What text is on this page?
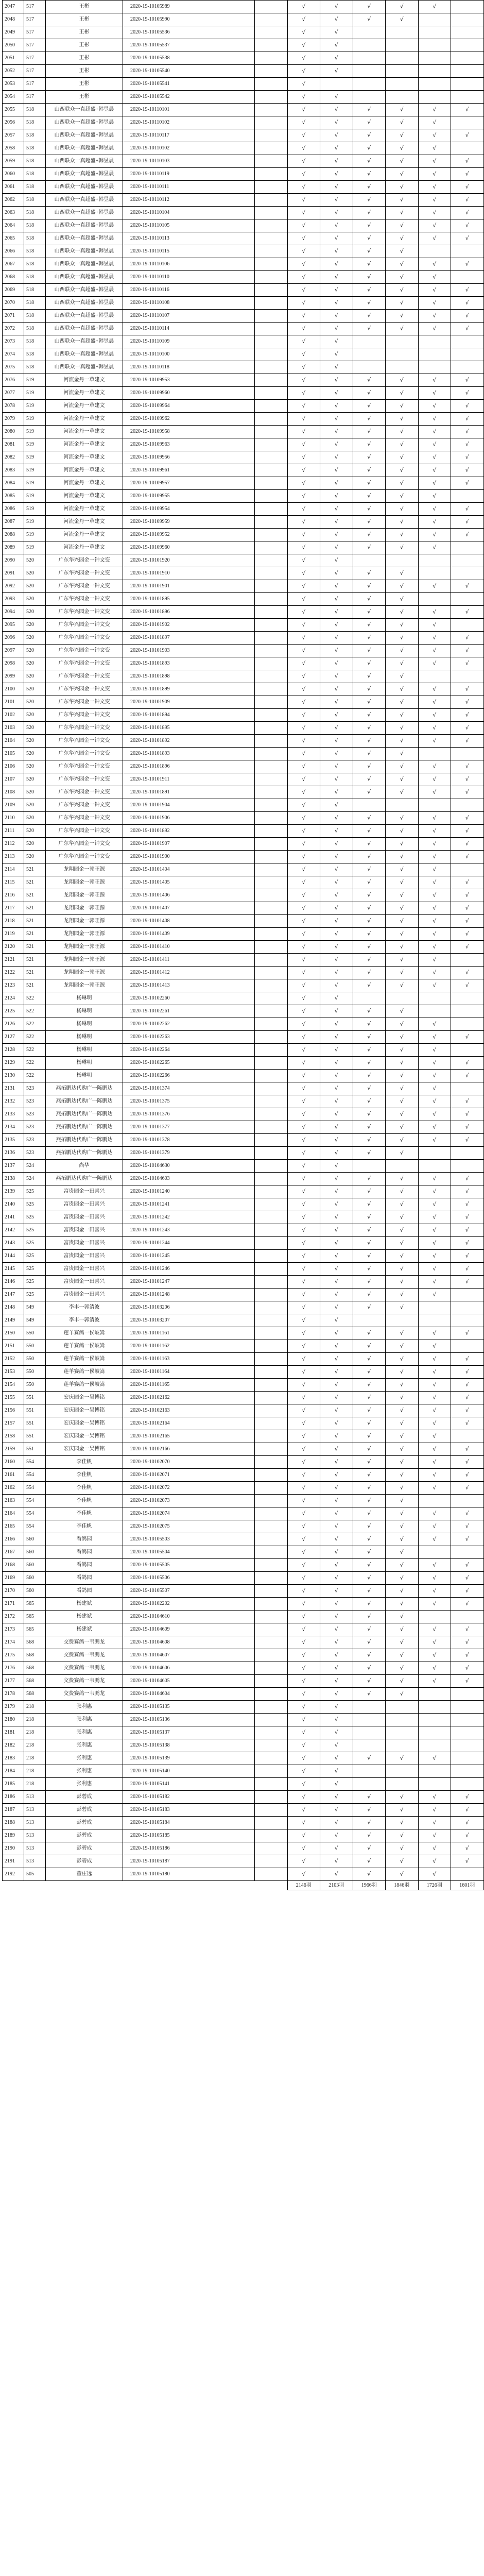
2047	517	王彬	2020-19-10105989		√	√	√	√	√	
2048	517	王彬	2020-19-10105990		√	√	√	√		
2049	517	王彬	2020-19-10105536		√	√				
2050	517	王彬	2020-19-10105537		√	√				
2051	517	王彬	2020-19-10105538		√	√				
2052	517	王彬	2020-19-10105540		√	√				
2053	517	王彬	2020-19-10105541		√					
2054	517	王彬	2020-19-10105542		√	√				
2055	518	山西联众一真超盛+韩昱晨	2020-19-10110101		√	√	√	√	√	√
2056	518	山西联众一真超盛+韩昱晨	2020-19-10110102		√	√	√	√	√	
2057	518	山西联众一真超盛+韩昱晨	2020-19-10110117		√	√	√	√	√	√
2058	518	山西联众一真超盛+韩昱晨	2020-19-10110102		√	√	√	√	√	
2059	518	山西联众一真超盛+韩昱晨	2020-19-10110103		√	√	√	√	√	√
2060	518	山西联众一真超盛+韩昱晨	2020-19-10110119		√	√	√	√	√	√
2061	518	山西联众一真超盛+韩昱晨	2020-19-10110111		√	√	√	√	√	√
2062	518	山西联众一真超盛+韩昱晨	2020-19-10110112		√	√	√	√	√	√
2063	518	山西联众一真超盛+韩昱晨	2020-19-10110104		√	√	√	√	√	√
2064	518	山西联众一真超盛+韩昱晨	2020-19-10110105		√	√	√	√	√	√
2065	518	山西联众一真超盛+韩昱晨	2020-19-10110113		√	√	√	√	√	√
2066	518	山西联众一真超盛+韩昱晨	2020-19-10110115		√	√	√	√		
2067	518	山西联众一真超盛+韩昱晨	2020-19-10110106		√	√	√	√	√	√
2068	518	山西联众一真超盛+韩昱晨	2020-19-10110110		√	√	√	√	√	
2069	518	山西联众一真超盛+韩昱晨	2020-19-10110116		√	√	√	√	√	√
2070	518	山西联众一真超盛+韩昱晨	2020-19-10110108		√	√	√	√	√	√
2071	518	山西联众一真超盛+韩昱晨	2020-19-10110107		√	√	√	√	√	√
2072	518	山西联众一真超盛+韩昱晨	2020-19-10110114		√	√	√	√	√	√
2073	518	山西联众一真超盛+韩昱晨	2020-19-10110109		√	√				
2074	518	山西联众一真超盛+韩昱晨	2020-19-10110100		√	√				
2075	518	山西联众一真超盛+韩昱晨	2020-19-10110118		√	√				
2076	519	河流金丹一草建文	2020-19-10109953		√	√	√	√	√	√
2077	519	河流金丹一草建文	2020-19-10109960		√	√	√	√	√	√
2078	519	河流金丹一草建文	2020-19-10109964		√	√	√	√	√	√
2079	519	河流金丹一草建文	2020-19-10109962		√	√	√	√	√	√
2080	519	河流金丹一草建文	2020-19-10109958		√	√	√	√	√	√
2081	519	河流金丹一草建文	2020-19-10109963		√	√	√	√	√	√
2082	519	河流金丹一草建文	2020-19-10109956		√	√	√	√	√	√
2083	519	河流金丹一草建文	2020-19-10109961		√	√	√	√	√	√
2084	519	河流金丹一草建文	2020-19-10109957		√	√	√	√	√	√
2085	519	河流金丹一草建文	2020-19-10109955		√	√	√	√	√	
2086	519	河流金丹一草建文	2020-19-10109954		√	√	√	√	√	√
2087	519	河流金丹一草建文	2020-19-10109959		√	√	√	√	√	√
2088	519	河流金丹一草建文	2020-19-10109952		√	√	√	√	√	√
2089	519	河流金丹一草建文	2020-19-10109960		√	√	√	√	√	
2090	520	广东华兴园金一钟文变	2020-19-10101920		√	√				
2091	520	广东华兴园金一钟文变	2020-19-10101910		√	√	√	√		
2092	520	广东华兴园金一钟文变	2020-19-10101901		√	√	√	√	√	√
2093	520	广东华兴园金一钟文变	2020-19-10101895		√	√	√	√		
2094	520	广东华兴园金一钟文变	2020-19-10101896		√	√	√	√	√	√
2095	520	广东华兴园金一钟文变	2020-19-10101902		√	√	√	√	√	
2096	520	广东华兴园金一钟文变	2020-19-10101897		√	√	√	√	√	√
2097	520	广东华兴园金一钟文变	2020-19-10101903		√	√	√	√	√	√
2098	520	广东华兴园金一钟文变	2020-19-10101893		√	√	√	√	√	√
2099	520	广东华兴园金一钟文变	2020-19-10101898		√	√	√	√		
2100	520	广东华兴园金一钟文变	2020-19-10101899		√	√	√	√	√	√
2101	520	广东华兴园金一钟文变	2020-19-10101909		√	√	√	√	√	√
2102	520	广东华兴园金一钟文变	2020-19-10101894		√	√	√	√	√	√
2103	520	广东华兴园金一钟文变	2020-19-10101895		√	√	√	√	√	√
2104	520	广东华兴园金一钟文变	2020-19-10101892		√	√	√	√	√	√
2105	520	广东华兴园金一钟文变	2020-19-10101893		√	√	√	√		
2106	520	广东华兴园金一钟文变	2020-19-10101896		√	√	√	√	√	√
2107	520	广东华兴园金一钟文变	2020-19-10101911		√	√	√	√	√	√
2108	520	广东华兴园金一钟文变	2020-19-10101891		√	√	√	√	√	√
2109	520	广东华兴园金一钟文变	2020-19-10101904		√	√				
2110	520	广东华兴园金一钟文变	2020-19-10101906		√	√	√	√	√	√
2111	520	广东华兴园金一钟文变	2020-19-10101892		√	√	√	√	√	√
2112	520	广东华兴园金一钟文变	2020-19-10101907		√	√	√	√	√	√
2113	520	广东华兴园金一钟文变	2020-19-10101900		√	√	√	√	√	√
2114	521	龙翔园金一郭旺源	2020-19-10101404		√	√	√	√	√	
2115	521	龙翔园金一郭旺源	2020-19-10101405		√	√	√	√	√	√
2116	521	龙翔园金一郭旺源	2020-19-10101406		√	√	√	√	√	√
2117	521	龙翔园金一郭旺源	2020-19-10101407		√	√	√	√	√	√
2118	521	龙翔园金一郭旺源	2020-19-10101408		√	√	√	√	√	√
2119	521	龙翔园金一郭旺源	2020-19-10101409		√	√	√	√	√	√
2120	521	龙翔园金一郭旺源	2020-19-10101410		√	√	√	√	√	√
2121	521	龙翔园金一郭旺源	2020-19-10101411		√	√	√	√	√	
2122	521	龙翔园金一郭旺源	2020-19-10101412		√	√	√	√	√	√
2123	521	龙翔园金一郭旺源	2020-19-10101413		√	√	√	√	√	√
2124	522	杨琳明	2020-19-10102260		√	√				
2125	522	杨琳明	2020-19-10102261		√	√	√	√		
2126	522	杨琳明	2020-19-10102262		√	√	√	√	√	
2127	522	杨琳明	2020-19-10102263		√	√	√	√	√	√
2128	522	杨琳明	2020-19-10102264		√	√	√	√	√	
2129	522	杨琳明	2020-19-10102265		√	√	√	√	√	√
2130	522	杨琳明	2020-19-10102266		√	√	√	√	√	√
2131	523	燕拓鹏达代购广一陈鹏达	2020-19-10101374		√	√	√	√	√	
2132	523	燕拓鹏达代购广一陈鹏达	2020-19-10101375		√	√	√	√	√	√
2133	523	燕拓鹏达代购广一陈鹏达	2020-19-10101376		√	√	√	√	√	√
2134	523	燕拓鹏达代购广一陈鹏达	2020-19-10101377		√	√	√	√	√	√
2135	523	燕拓鹏达代购广一陈鹏达	2020-19-10101378		√	√	√	√	√	√
2136	523	燕拓鹏达代购广一陈鹏达	2020-19-10101379		√	√	√	√		
2137	524	尚华	2020-19-10104630		√	√				
2138	524	燕拓鹏达代购广一陈鹏达	2020-19-10104603		√	√	√	√	√	√
2139	525	富贵园金一田喜兴	2020-19-10101240		√	√	√	√	√	√
2140	525	富贵园金一田喜兴	2020-19-10101241		√	√	√	√	√	√
2141	525	富贵园金一田喜兴	2020-19-10101242		√	√	√	√	√	√
2142	525	富贵园金一田喜兴	2020-19-10101243		√	√	√	√	√	√
2143	525	富贵园金一田喜兴	2020-19-10101244		√	√	√	√	√	√
2144	525	富贵园金一田喜兴	2020-19-10101245		√	√	√	√	√	√
2145	525	富贵园金一田喜兴	2020-19-10101246		√	√	√	√	√	√
2146	525	富贵园金一田喜兴	2020-19-10101247		√	√	√	√	√	√
2147	525	富贵园金一田喜兴	2020-19-10101248		√	√	√	√	√	
2148	549	李丰一郭清波	2020-19-10103206		√	√	√	√		
2149	549	李丰一郭清波	2020-19-10103207		√	√				
2150	550	莲羊赛鸽一侯岐嵩	2020-19-10101161		√	√	√	√	√	√
2151	550	莲羊赛鸽一侯岐嵩	2020-19-10101162		√	√	√	√	√	
2152	550	莲羊赛鸽一侯岐嵩	2020-19-10101163		√	√	√	√	√	√
2153	550	莲羊赛鸽一侯岐嵩	2020-19-10101164		√	√	√	√	√	√
2154	550	莲羊赛鸽一侯岐嵩	2020-19-10101165		√	√	√	√	√	√
2155	551	宏庆园金一吴博铭	2020-19-10102162		√	√	√	√	√	√
2156	551	宏庆园金一吴博铭	2020-19-10102163		√	√	√	√	√	√
2157	551	宏庆园金一吴博铭	2020-19-10102164		√	√	√	√	√	√
2158	551	宏庆园金一吴博铭	2020-19-10102165		√	√	√	√	√	
2159	551	宏庆园金一吴博铭	2020-19-10102166		√	√	√	√	√	√
2160	554	李佳帆	2020-19-10102070		√	√	√	√	√	√
2161	554	李佳帆	2020-19-10102071		√	√	√	√	√	√
2162	554	李佳帆	2020-19-10102072		√	√	√	√	√	√
2163	554	李佳帆	2020-19-10102073		√	√	√	√		
2164	554	李佳帆	2020-19-10102074		√	√	√	√	√	√
2165	554	李佳帆	2020-19-10102075		√	√	√	√	√	√
2166	560	看鸽园	2020-19-10105503		√	√	√	√	√	√
2167	560	看鸽园	2020-19-10105504		√	√	√	√		
2168	560	看鸽园	2020-19-10105505		√	√	√	√	√	√
2169	560	看鸽园	2020-19-10105506		√	√	√	√	√	√
2170	560	看鸽园	2020-19-10105507		√	√	√	√	√	√
2171	565	杨建斌	2020-19-10102202		√	√	√	√	√	√
2172	565	杨建斌	2020-19-10104610		√	√	√	√		
2173	565	杨建斌	2020-19-10104609		√	√	√	√	√	√
2174	568	交费赛鸽一韦鹏龙	2020-19-10104608		√	√	√	√	√	√
2175	568	交费赛鸽一韦鹏龙	2020-19-10104607		√	√	√	√	√	√
2176	568	交费赛鸽一韦鹏龙	2020-19-10104606		√	√	√	√	√	√
2177	568	交费赛鸽一韦鹏龙	2020-19-10104605		√	√	√	√	√	√
2178	568	交费赛鸽一韦鹏龙	2020-19-10104604		√	√	√	√		
2179	218	张利惠	2020-19-10105135		√	√				
2180	218	张利惠	2020-19-10105136		√	√				
2181	218	张利惠	2020-19-10105137		√	√				
2182	218	张利惠	2020-19-10105138		√	√				
2183	218	张利惠	2020-19-10105139		√	√	√	√	√	
2184	218	张利惠	2020-19-10105140		√	√				
2185	218	张利惠	2020-19-10105141		√	√				
2186	513	彭碧成	2020-19-10105182		√	√	√	√	√	√
2187	513	彭碧成	2020-19-10105183		√	√	√	√	√	√
2188	513	彭碧成	2020-19-10105184		√	√	√	√	√	√
2189	513	彭碧成	2020-19-10105185		√	√	√	√	√	√
2190	513	彭碧成	2020-19-10105186		√	√	√	√	√	√
2191	513	彭碧成	2020-19-10105187		√	√	√	√	√	√
2192	505	董庄远	2020-19-10105180		√	√	√	√	√	
					2146羽	2103羽	1966羽	1846羽	1726羽	1601羽
